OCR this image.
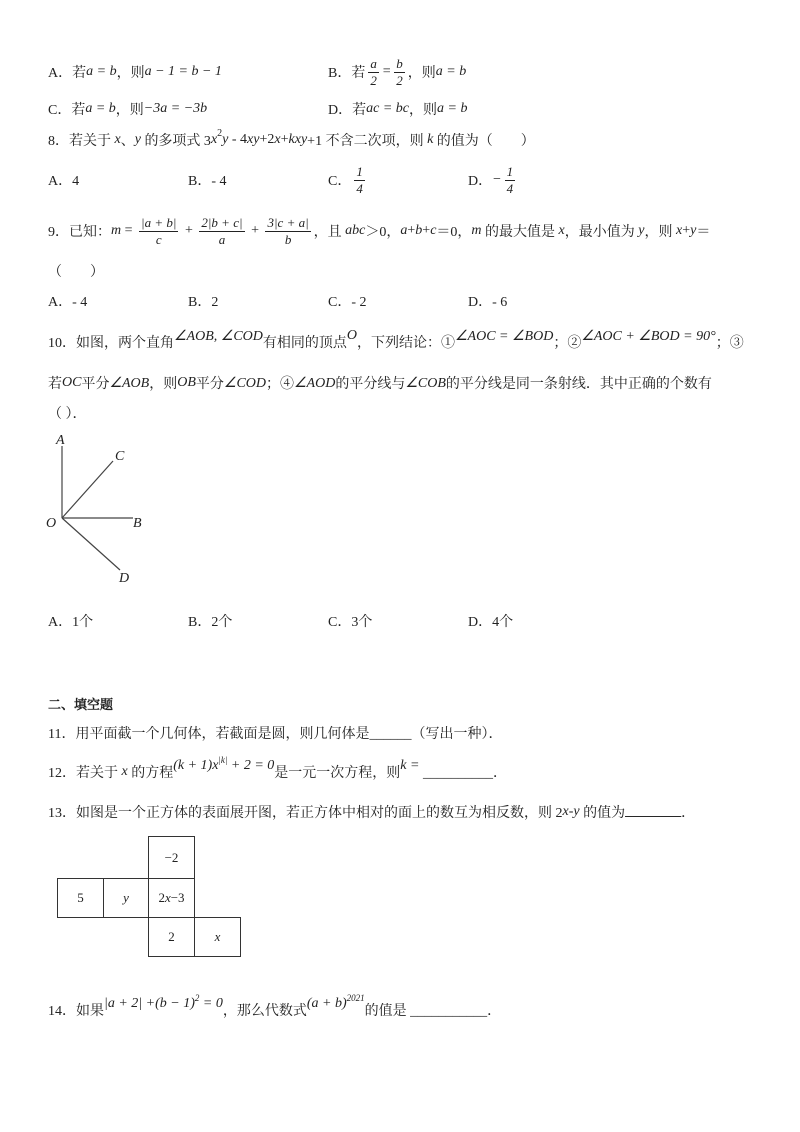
A．若 a = b ，则 a − 1 = b − 1	B．若 $\frac{a}{2} = \frac{b}{2}$ ，则 a = b
C．若 a = b ，则 −3a = −3b	D．若 ac = bc ，则 a = b
8．若关于 x 、 y 的多项式 3 x 2 y - 4 xy +2 x + kxy +1 不含二次项，则 k 的值为（　　）
A．4	B．- 4	C． $\frac{1}{4}$	D． − $\frac{1}{4}$
9．已知： $m = \frac{|a + b|}{c} + \frac{2|b + c|}{a} + \frac{3|c + a|}{b}$ ，且 abc ＞0， a + b + c ＝0， m 的最大值是 x ，最小值为 y ，则 x + y ＝
（　　）
A．- 4	B．2	C．- 2	D．- 6
10．如图，两个直角 ∠AOB, ∠COD 有相同的顶点
O
，下列结论：① ∠AOC = ∠BOD ；② ∠AOC + ∠BOD = 90° ；③
若 OC 平分 ∠AOB ，则 OB 平分 ∠COD ；④ ∠AOD 的平分线与 ∠COB 的平分线是同一条射线．其中正确的个数有
（ ）．
A
C
O	B
D
A．1个	B．2个	C．3个	D．4个
二、填空题
11．用平面截一个几何体，若截面是圆，则几何体是______（写出一种）．
12．若关于 x 的方程
(k + 1)x |k| + 2 = 0
是一元一次方程，则
k =
__________．
13．如图是一个正方体的表面展开图，若正方体中相对的面上的数互为相反数，则 2 x - y 的值为 ________ ．
−2
5	y 2x−3
2	x
14．如果
|a + 2| +(b − 1) 2 = 0
，那么代数式
(a + b) 2021
的值是 ___________．
